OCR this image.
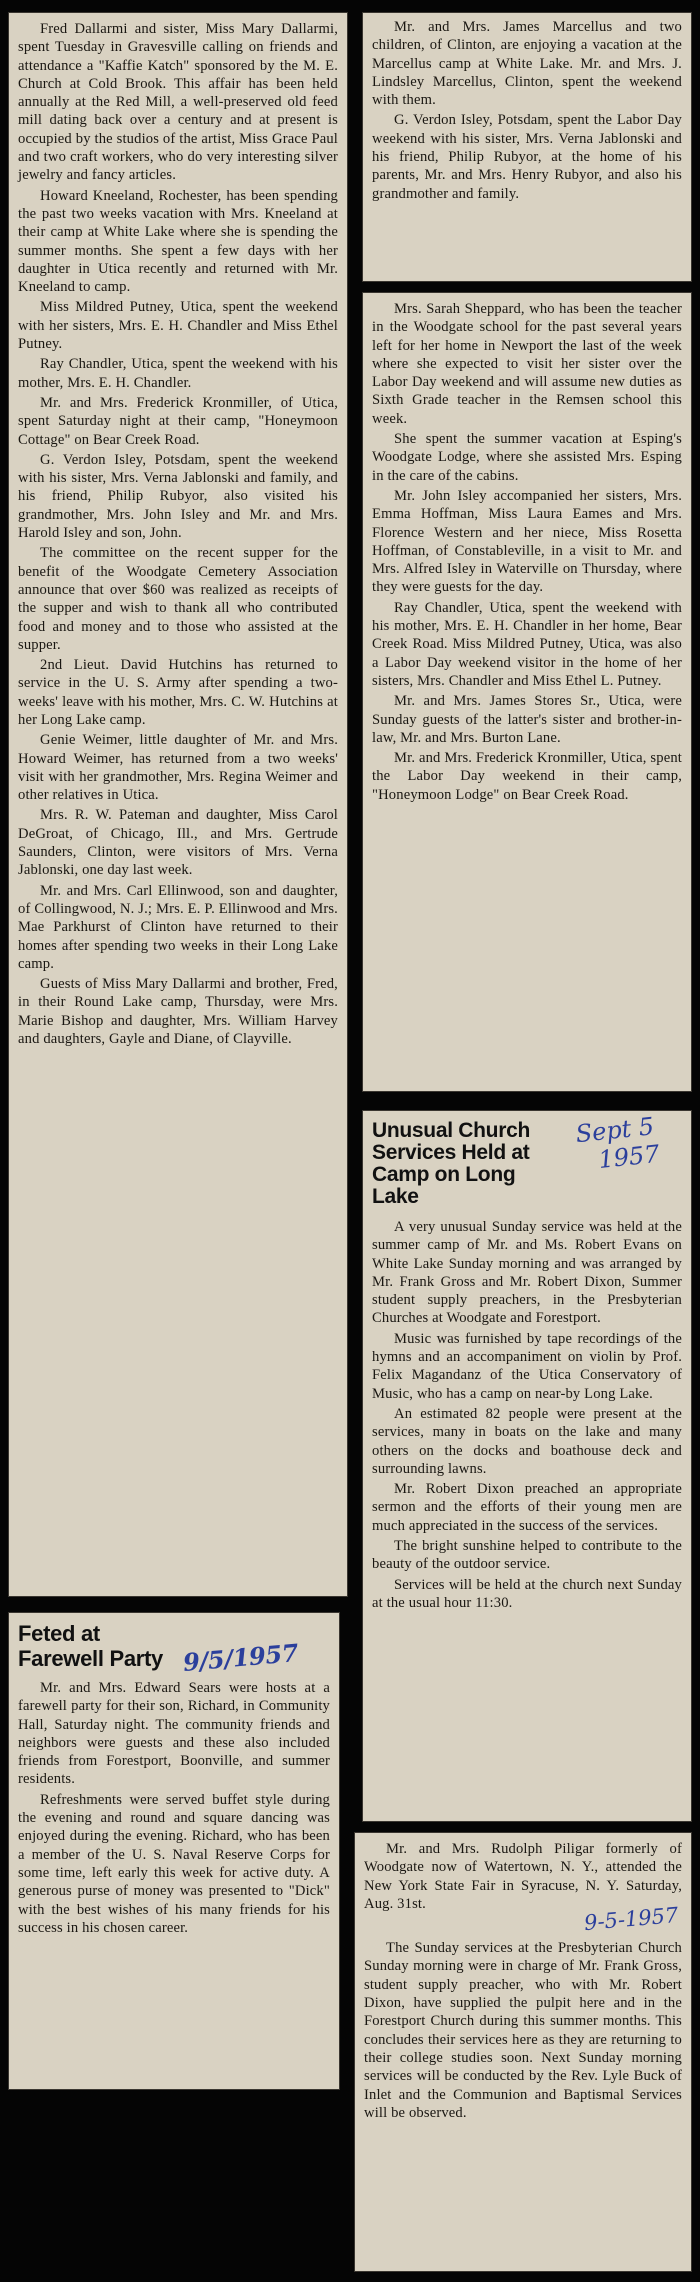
Fred Dallarmi and sister, Miss Mary Dallarmi, spent Tuesday in Gravesville calling on friends and attendance a "Kaffie Katch" sponsored by the M. E. Church at Cold Brook. This affair has been held annually at the Red Mill, a well-preserved old feed mill dating back over a century and at present is occupied by the studios of the artist, Miss Grace Paul and two craft workers, who do very interesting silver jewelry and fancy articles.

Howard Kneeland, Rochester, has been spending the past two weeks vacation with Mrs. Kneeland at their camp at White Lake where she is spending the summer months. She spent a few days with her daughter in Utica recently and returned with Mr. Kneeland to camp.

Miss Mildred Putney, Utica, spent the weekend with her sisters, Mrs. E. H. Chandler and Miss Ethel Putney.

Ray Chandler, Utica, spent the weekend with his mother, Mrs. E. H. Chandler.

Mr. and Mrs. Frederick Kronmiller, of Utica, spent Saturday night at their camp, "Honeymoon Cottage" on Bear Creek Road.

G. Verdon Isley, Potsdam, spent the weekend with his sister, Mrs. Verna Jablonski and family, and his friend, Philip Rubyor, also visited his grandmother, Mrs. John Isley and Mr. and Mrs. Harold Isley and son, John.

The committee on the recent supper for the benefit of the Woodgate Cemetery Association announce that over $60 was realized as receipts of the supper and wish to thank all who contributed food and money and to those who assisted at the supper.

2nd Lieut. David Hutchins has returned to service in the U. S. Army after spending a two-weeks' leave with his mother, Mrs. C. W. Hutchins at her Long Lake camp.

Genie Weimer, little daughter of Mr. and Mrs. Howard Weimer, has returned from a two weeks' visit with her grandmother, Mrs. Regina Weimer and other relatives in Utica.

Mrs. R. W. Pateman and daughter, Miss Carol DeGroat, of Chicago, Ill., and Mrs. Gertrude Saunders, Clinton, were visitors of Mrs. Verna Jablonski, one day last week.

Mr. and Mrs. Carl Ellinwood, son and daughter, of Collingwood, N. J.; Mrs. E. P. Ellinwood and Mrs. Mae Parkhurst of Clinton have returned to their homes after spending two weeks in their Long Lake camp.

Guests of Miss Mary Dallarmi and brother, Fred, in their Round Lake camp, Thursday, were Mrs. Marie Bishop and daughter, Mrs. William Harvey and daughters, Gayle and Diane, of Clayville.

Feted at
Farewell Party 9/5/1957

Mr. and Mrs. Edward Sears were hosts at a farewell party for their son, Richard, in Community Hall, Saturday night. The community friends and neighbors were guests and these also included friends from Forestport, Boonville, and summer residents.

Refreshments were served buffet style during the evening and round and square dancing was enjoyed during the evening. Richard, who has been a member of the U. S. Naval Reserve Corps for some time, left early this week for active duty. A generous purse of money was presented to "Dick" with the best wishes of his many friends for his success in his chosen career.

Mr. and Mrs. James Marcellus and two children, of Clinton, are enjoying a vacation at the Marcellus camp at White Lake. Mr. and Mrs. J. Lindsley Marcellus, Clinton, spent the weekend with them.

G. Verdon Isley, Potsdam, spent the Labor Day weekend with his sister, Mrs. Verna Jablonski and his friend, Philip Rubyor, at the home of his parents, Mr. and Mrs. Henry Rubyor, and also his grandmother and family.

Mrs. Sarah Sheppard, who has been the teacher in the Woodgate school for the past several years left for her home in Newport the last of the week where she expected to visit her sister over the Labor Day weekend and will assume new duties as Sixth Grade teacher in the Remsen school this week.

She spent the summer vacation at Esping's Woodgate Lodge, where she assisted Mrs. Esping in the care of the cabins.

Mr. John Isley accompanied her sisters, Mrs. Emma Hoffman, Miss Laura Eames and Mrs. Florence Western and her niece, Miss Rosetta Hoffman, of Constableville, in a visit to Mr. and Mrs. Alfred Isley in Waterville on Thursday, where they were guests for the day.

Ray Chandler, Utica, spent the weekend with his mother, Mrs. E. H. Chandler in her home, Bear Creek Road. Miss Mildred Putney, Utica, was also a Labor Day weekend visitor in the home of her sisters, Mrs. Chandler and Miss Ethel L. Putney.

Mr. and Mrs. James Stores Sr., Utica, were Sunday guests of the latter's sister and brother-in-law, Mr. and Mrs. Burton Lane.

Mr. and Mrs. Frederick Kronmiller, Utica, spent the Labor Day weekend in their camp, "Honeymoon Lodge" on Bear Creek Road.

Unusual Church
Services Held at
Camp on Long Lake
Sept 5
1957

A very unusual Sunday service was held at the summer camp of Mr. and Ms. Robert Evans on White Lake Sunday morning and was arranged by Mr. Frank Gross and Mr. Robert Dixon, Summer student supply preachers, in the Presbyterian Churches at Woodgate and Forestport.

Music was furnished by tape recordings of the hymns and an accompaniment on violin by Prof. Felix Magandanz of the Utica Conservatory of Music, who has a camp on near-by Long Lake.

An estimated 82 people were present at the services, many in boats on the lake and many others on the docks and boathouse deck and surrounding lawns.

Mr. Robert Dixon preached an appropriate sermon and the efforts of their young men are much appreciated in the success of the services.

The bright sunshine helped to contribute to the beauty of the outdoor service.

Services will be held at the church next Sunday at the usual hour 11:30.

Mr. and Mrs. Rudolph Piligar formerly of Woodgate now of Watertown, N. Y., attended the New York State Fair in Syracuse, N. Y. Saturday, Aug. 31st.	9-5-1957

The Sunday services at the Presbyterian Church Sunday morning were in charge of Mr. Frank Gross, student supply preacher, who with Mr. Robert Dixon, have supplied the pulpit here and in the Forestport Church during this summer months. This concludes their services here as they are returning to their college studies soon. Next Sunday morning services will be conducted by the Rev. Lyle Buck of Inlet and the Communion and Baptismal Services will be observed.
